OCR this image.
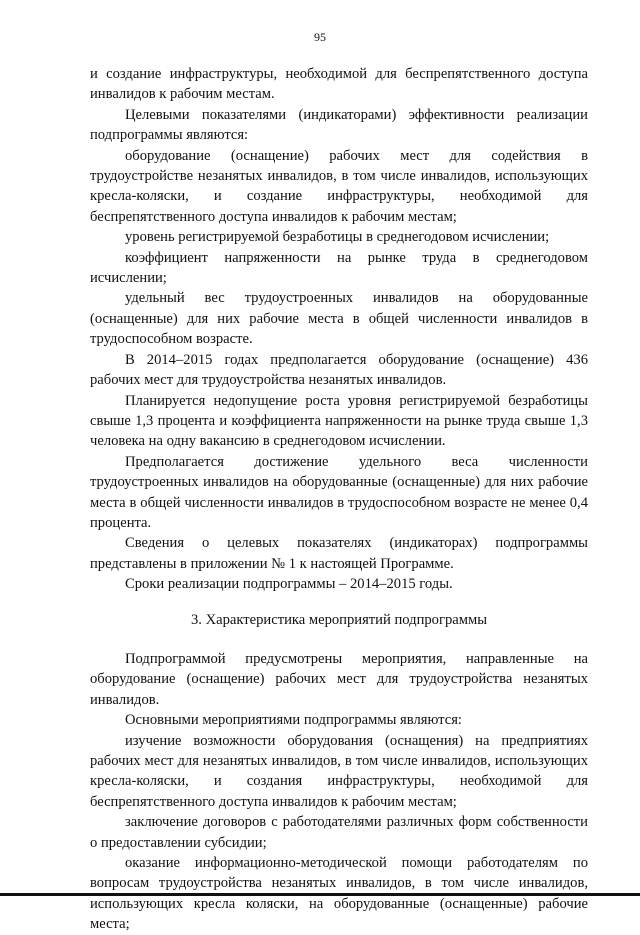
95

и создание инфраструктуры, необходимой для беспрепятственного доступа инвалидов к рабочим местам.

Целевыми показателями (индикаторами) эффективности реализации подпрограммы являются:

оборудование (оснащение) рабочих мест для содействия в трудоустройстве незанятых инвалидов, в том числе инвалидов, использующих кресла-коляски, и создание инфраструктуры, необходимой для беспрепятственного доступа инвалидов к рабочим местам;

уровень регистрируемой безработицы в среднегодовом исчислении;

коэффициент напряженности на рынке труда в среднегодовом исчислении;

удельный вес трудоустроенных инвалидов на оборудованные (оснащенные) для них рабочие места в общей численности инвалидов в трудоспособном возрасте.

В 2014–2015 годах предполагается оборудование (оснащение) 436 рабочих мест для трудоустройства незанятых инвалидов.

Планируется недопущение роста уровня регистрируемой безработицы свыше 1,3 процента и коэффициента напряженности на рынке труда свыше 1,3 человека на одну вакансию в среднегодовом исчислении.

Предполагается достижение удельного веса численности трудоустроенных инвалидов на оборудованные (оснащенные) для них рабочие места в общей численности инвалидов в трудоспособном возрасте не менее 0,4 процента.

Сведения о целевых показателях (индикаторах) подпрограммы представлены в приложении № 1 к настоящей Программе.

Сроки реализации подпрограммы – 2014–2015 годы.

3. Характеристика мероприятий подпрограммы

Подпрограммой предусмотрены мероприятия, направленные на оборудование (оснащение) рабочих мест для трудоустройства незанятых инвалидов.

Основными мероприятиями подпрограммы являются:

изучение возможности оборудования (оснащения) на предприятиях рабочих мест для незанятых инвалидов, в том числе инвалидов, использующих кресла-коляски, и создания инфраструктуры, необходимой для беспрепятственного доступа инвалидов к рабочим местам;

заключение договоров с работодателями различных форм собственности о предоставлении субсидии;

оказание информационно-методической помощи работодателям по вопросам трудоустройства незанятых инвалидов, в том числе инвалидов, использующих кресла коляски, на оборудованные (оснащенные) рабочие места;
